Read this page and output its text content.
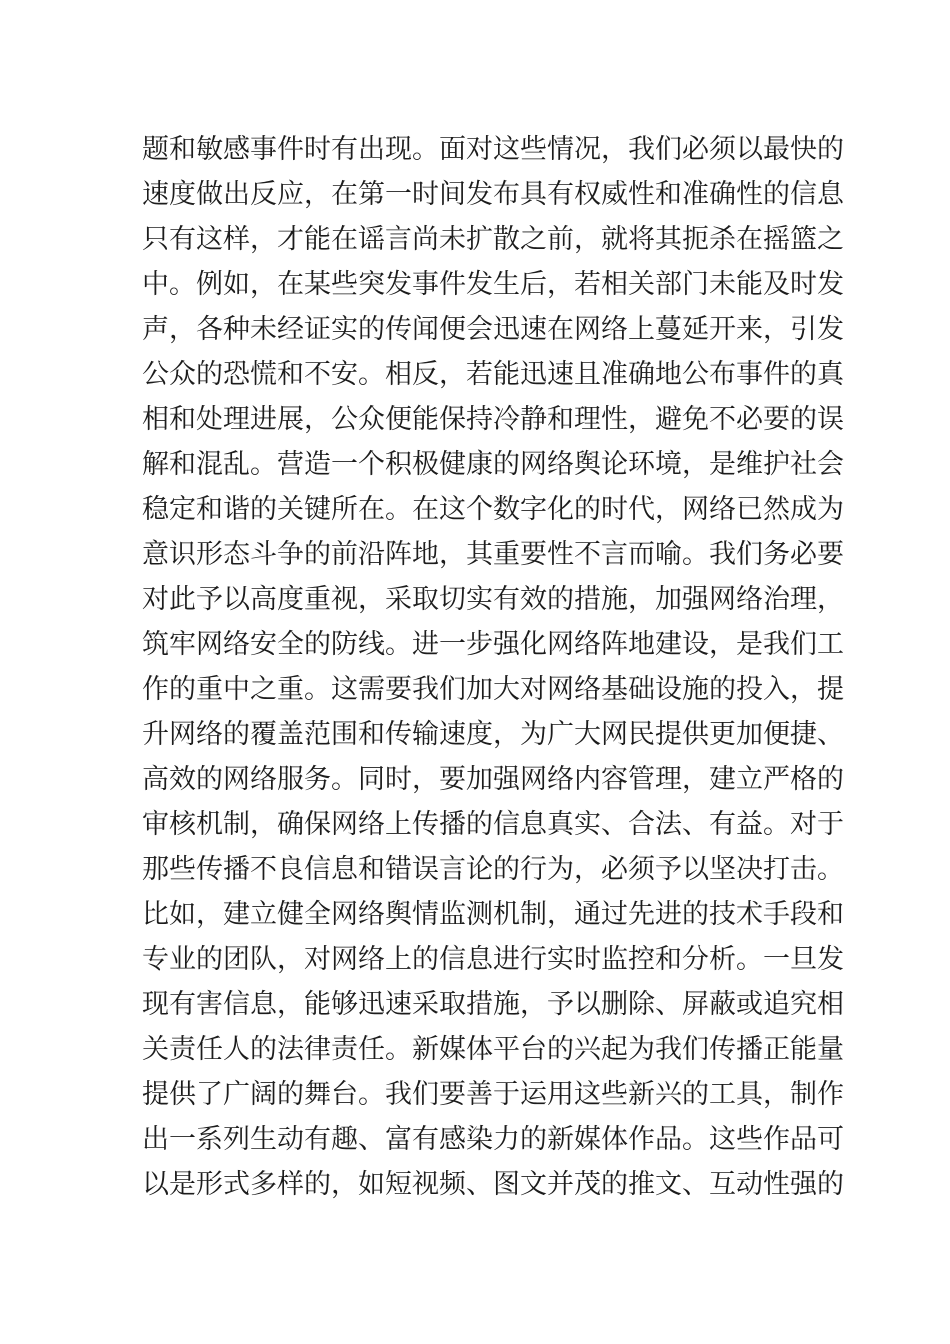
题和敏感事件时有出现。面对这些情况，我们必须以最快的

速度做出反应，在第一时间发布具有权威性和准确性的信息

只有这样，才能在谣言尚未扩散之前，就将其扼杀在摇篮之

中。例如，在某些突发事件发生后，若相关部门未能及时发

声，各种未经证实的传闻便会迅速在网络上蔓延开来，引发

公众的恐慌和不安。相反，若能迅速且准确地公布事件的真

相和处理进展，公众便能保持冷静和理性，避免不必要的误

解和混乱。营造一个积极健康的网络舆论环境，是维护社会

稳定和谐的关键所在。在这个数字化的时代，网络已然成为

意识形态斗争的前沿阵地，其重要性不言而喻。我们务必要

对此予以高度重视，采取切实有效的措施，加强网络治理，

筑牢网络安全的防线。进一步强化网络阵地建设，是我们工

作的重中之重。这需要我们加大对网络基础设施的投入，提

升网络的覆盖范围和传输速度，为广大网民提供更加便捷、

高效的网络服务。同时，要加强网络内容管理，建立严格的

审核机制，确保网络上传播的信息真实、合法、有益。对于

那些传播不良信息和错误言论的行为，必须予以坚决打击。

比如，建立健全网络舆情监测机制，通过先进的技术手段和

专业的团队，对网络上的信息进行实时监控和分析。一旦发

现有害信息，能够迅速采取措施，予以删除、屏蔽或追究相

关责任人的法律责任。新媒体平台的兴起为我们传播正能量

提供了广阔的舞台。我们要善于运用这些新兴的工具，制作

出一系列生动有趣、富有感染力的新媒体作品。这些作品可

以是形式多样的，如短视频、图文并茂的推文、互动性强的
